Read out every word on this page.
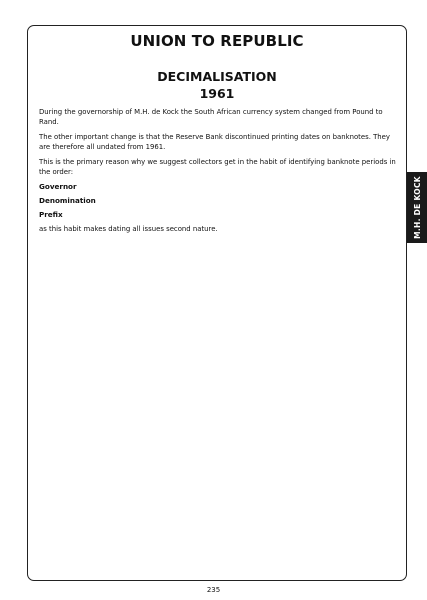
UNION TO REPUBLIC
DECIMALISATION
1961

During the governorship of M.H. de Kock the South African currency system changed from Pound to Rand.

The other important change is that the Reserve Bank discontinued printing dates on banknotes. They are therefore all undated from 1961.

This is the primary reason why we suggest collectors get in the habit of identifying banknote periods in the order:

Governor

Denomination

Prefix

as this habit makes dating all issues second nature.	M.H. DE KOCK
235
